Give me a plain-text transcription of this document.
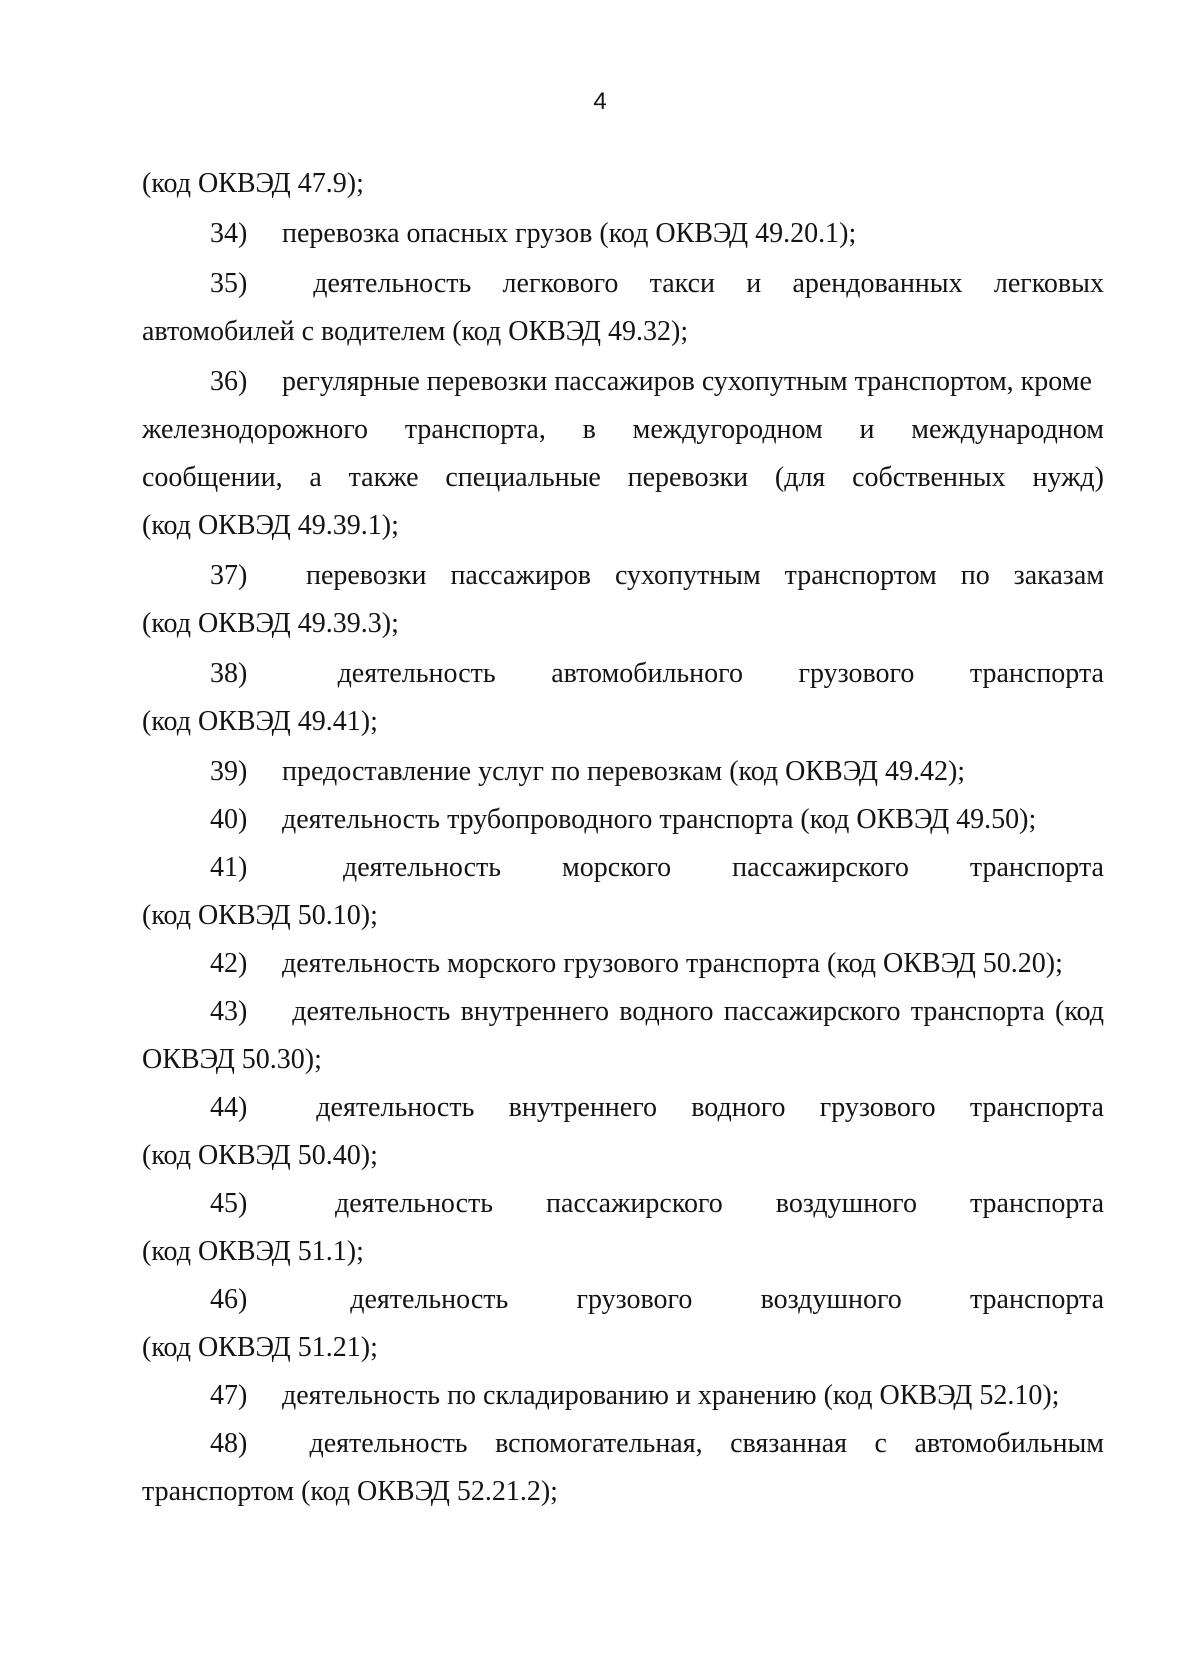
4
(код ОКВЭД 47.9);
34) перевозка опасных грузов (код ОКВЭД 49.20.1);
35)	деятельность легкового такси и арендованных легковых
автомобилей с водителем (код ОКВЭД 49.32);
36) регулярные перевозки пассажиров сухопутным транспортом, кроме
железнодорожного транспорта, в междугородном и международном
сообщении, а также специальные перевозки (для собственных нужд)
(код ОКВЭД 49.39.1);
37)	перевозки пассажиров сухопутным транспортом по заказам
(код ОКВЭД 49.39.3);
38)	деятельность автомобильного грузового транспорта
(код ОКВЭД 49.41);
39) предоставление услуг по перевозкам (код ОКВЭД 49.42);
40) деятельность трубопроводного транспорта (код ОКВЭД 49.50);
41)	деятельность морского пассажирского транспорта
(код ОКВЭД 50.10);
42) деятельность морского грузового транспорта (код ОКВЭД 50.20);
43)	деятельность внутреннего водного пассажирского транспорта (код
ОКВЭД 50.30);
44)	деятельность внутреннего водного грузового транспорта
(код ОКВЭД 50.40);
45)	деятельность пассажирского воздушного транспорта
(код ОКВЭД 51.1);
46)	деятельность грузового воздушного транспорта
(код ОКВЭД 51.21);
47) деятельность по складированию и хранению (код ОКВЭД 52.10);
48)	деятельность вспомогательная, связанная с автомобильным
транспортом (код ОКВЭД 52.21.2);
